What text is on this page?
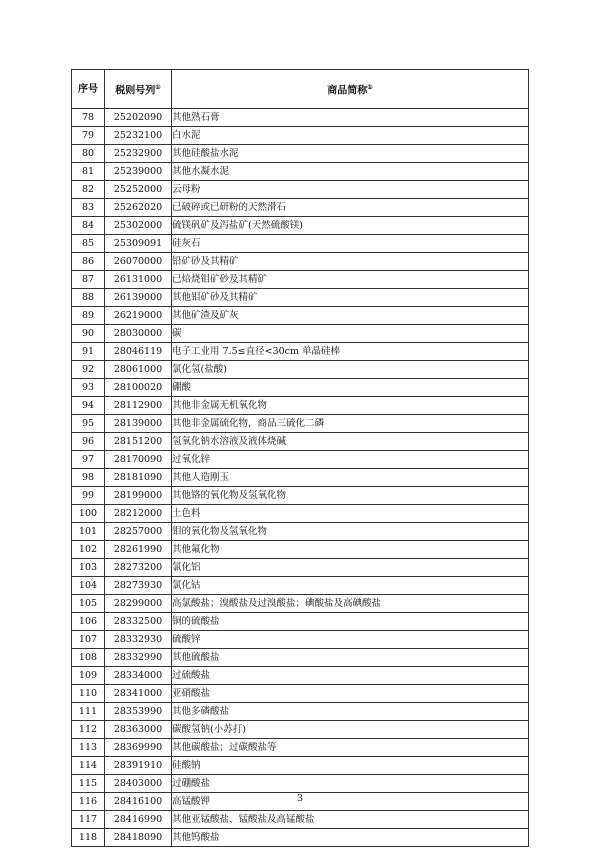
序号	税则号列①	商品简称①
78	25202090	其他熟石膏
79	25232100	白水泥
80	25232900	其他硅酸盐水泥
81	25239000	其他水凝水泥
82	25252000	云母粉
83	25262020	已破碎或已研粉的天然滑石
84	25302000	硫镁矾矿及泻盐矿(天然硫酸镁)
85	25309091	硅灰石
86	26070000	铅矿砂及其精矿
87	26131000	已焙烧钼矿砂及其精矿
88	26139000	其他钼矿砂及其精矿
89	26219000	其他矿渣及矿灰
90	28030000	碳
91	28046119	电子工业用 7.5≤直径<30cm 单晶硅棒
92	28061000	氯化氢(盐酸)
93	28100020	硼酸
94	28112900	其他非金属无机氧化物
95	28139000	其他非金属硫化物，商品三硫化二磷
96	28151200	氢氧化钠水溶液及液体烧碱
97	28170090	过氧化锌
98	28181090	其他人造刚玉
99	28199000	其他铬的氧化物及氢氧化物
100	28212000	土色料
101	28257000	钼的氧化物及氢氧化物
102	28261990	其他氟化物
103	28273200	氯化铝
104	28273930	氯化钴
105	28299000	高氯酸盐；溴酸盐及过溴酸盐；碘酸盐及高碘酸盐
106	28332500	铜的硫酸盐
107	28332930	硫酸锌
108	28332990	其他硫酸盐
109	28334000	过硫酸盐
110	28341000	亚硝酸盐
111	28353990	其他多磷酸盐
112	28363000	碳酸氢钠(小苏打)
113	28369990	其他碳酸盐；过碳酸盐等
114	28391910	硅酸钠
115	28403000	过硼酸盐
116	28416100	高锰酸钾
117	28416990	其他亚锰酸盐、锰酸盐及高锰酸盐
118	28418090	其他钨酸盐
3
